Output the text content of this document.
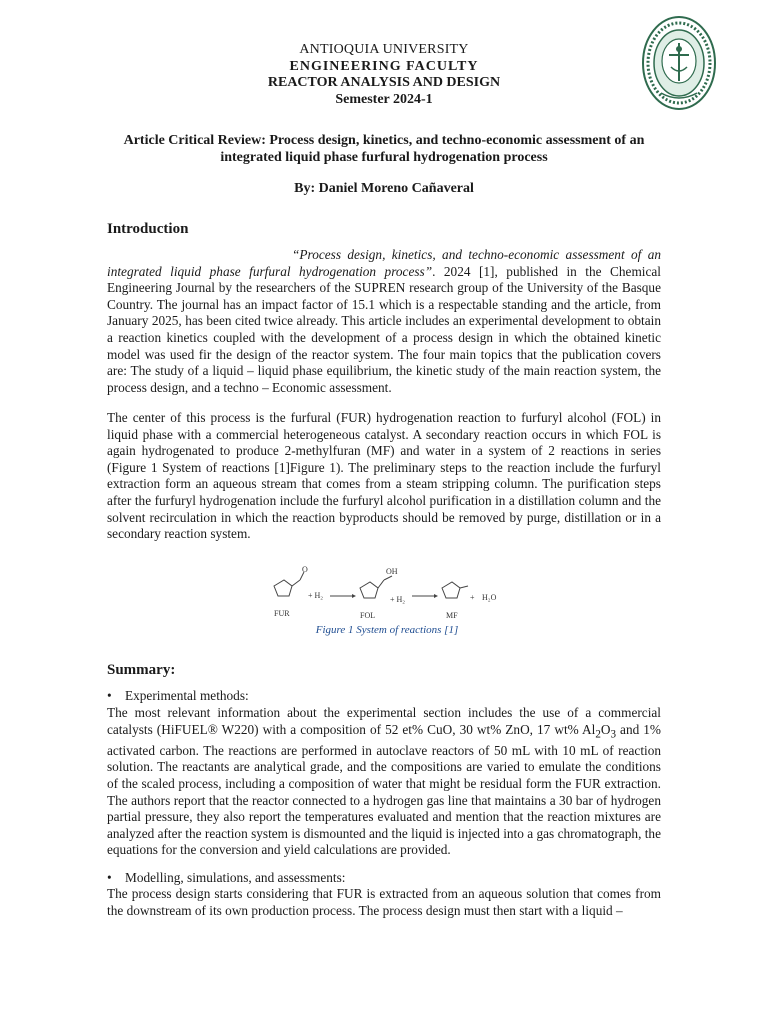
ANTIOQUIA UNIVERSITY
ENGINEERING FACULTY
REACTOR ANALYSIS AND DESIGN
Semester 2024-1
Article Critical Review: Process design, kinetics, and techno-economic assessment of an
integrated liquid phase furfural hydrogenation process
By: Daniel Moreno Cañaveral
Introduction

“Process design, kinetics, and techno-economic assessment of an integrated liquid phase furfural hydrogenation process”. 2024 [1], published in the Chemical Engineering Journal by the researchers of the SUPREN research group of the University of the Basque Country. The journal has an impact factor of 15.1 which is a respectable standing and the article, from January 2025, has been cited twice already. This article includes an experimental development to obtain a reaction kinetics coupled with the development of a process design in which the obtained kinetic model was used fir the design of the reactor system. The four main topics that the publication covers are: The study of a liquid – liquid phase equilibrium, the kinetic study of the main reaction system, the process design, and a techno – Economic assessment.

The center of this process is the furfural (FUR) hydrogenation reaction to furfuryl alcohol (FOL) in liquid phase with a commercial heterogeneous catalyst. A secondary reaction occurs in which FOL is again hydrogenated to produce 2-methylfuran (MF) and water in a system of 2 reactions in series (Figure 1 System of reactions [1]Figure 1). The preliminary steps to the reaction include the furfuryl extraction form an aqueous stream that comes from a steam stripping column. The purification steps after the furfuryl hydrogenation include the furfuryl alcohol purification in a distillation column and the solvent recirculation in which the reaction byproducts should be removed by purge, distillation or in a secondary reaction system.

O
FUR
+ H₂
OH
FOL
+ H₂
MF
+ H₂O
Figure 1 System of reactions [1]
Summary:
• Experimental methods:

The most relevant information about the experimental section includes the use of a commercial catalysts (HiFUEL® W220) with a composition of 52 et% CuO, 30 wt% ZnO, 17 wt% $Al_2O_3$ and 1% activated carbon. The reactions are performed in autoclave reactors of 50 mL with 10 mL of reaction solution. The reactants are analytical grade, and the compositions are varied to emulate the conditions of the scaled process, including a composition of water that might be residual form the FUR extraction. The authors report that the reactor connected to a hydrogen gas line that maintains a 30 bar of hydrogen partial pressure, they also report the temperatures evaluated and mention that the reaction mixtures are analyzed after the reaction system is dismounted and the liquid is injected into a gas chromatograph, the equations for the conversion and yield calculations are provided.

• Modelling, simulations, and assessments:

The process design starts considering that FUR is extracted from an aqueous solution that comes from the downstream of its own production process. The process design must then start with a liquid –
